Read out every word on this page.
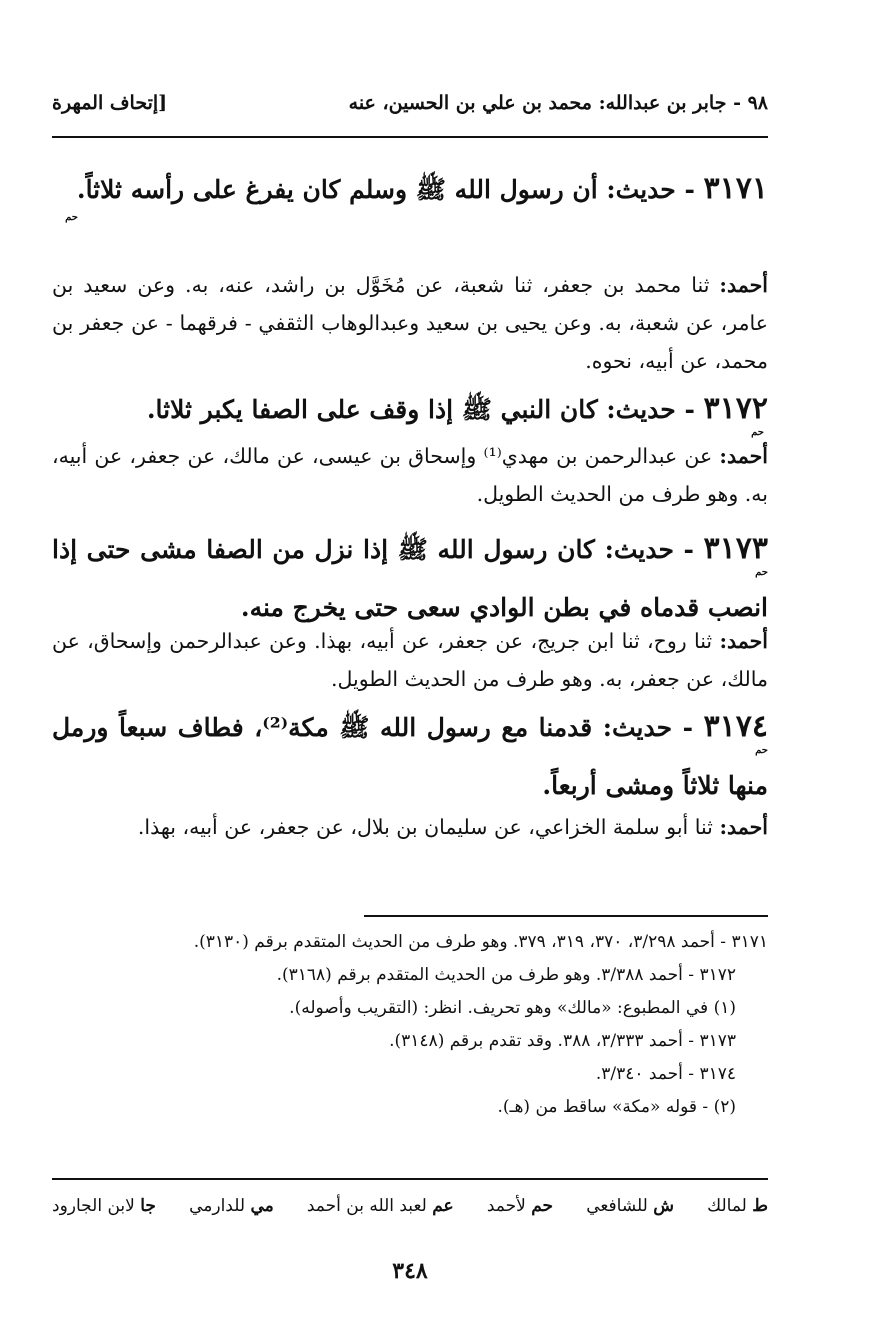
٩٨ - جابر بن عبدالله: محمد بن علي بن الحسين، عنه
[إتحاف المهرة
٣١٧١ - حديث: أن رسول الله ﷺ وسلم كان يفرغ على رأسه ثلاثاً.
حم
أحمد: ثنا محمد بن جعفر، ثنا شعبة، عن مُخَوَّل بن راشد، عنه، به. وعن سعيد بن عامر، عن شعبة، به. وعن يحيى بن سعيد وعبدالوهاب الثقفي - فرقهما - عن جعفر بن محمد، عن أبيه، نحوه.
٣١٧٢ - حديث: كان النبي ﷺ إذا وقف على الصفا يكبر ثلاثا.
حم
أحمد: عن عبدالرحمن بن مهدي⁽¹⁾ وإسحاق بن عيسى، عن مالك، عن جعفر، عن أبيه، به. وهو طرف من الحديث الطويل.
٣١٧٣ - حديث: كان رسول الله ﷺ إذا نزل من الصفا مشى حتى إذا انصب قدماه في بطن الوادي سعى حتى يخرج منه.
حم
أحمد: ثنا روح، ثنا ابن جريج، عن جعفر، عن أبيه، بهذا. وعن عبدالرحمن وإسحاق، عن مالك، عن جعفر، به. وهو طرف من الحديث الطويل.
٣١٧٤ - حديث: قدمنا مع رسول الله ﷺ مكة⁽²⁾، فطاف سبعاً ورمل منها ثلاثاً ومشى أربعاً.
حم
أحمد: ثنا أبو سلمة الخزاعي، عن سليمان بن بلال، عن جعفر، عن أبيه، بهذا.
٣١٧١ - أحمد ٣/٢٩٨، ٣٧٠، ٣١٩، ٣٧٩. وهو طرف من الحديث المتقدم برقم (٣١٣٠).
٣١٧٢ - أحمد ٣/٣٨٨. وهو طرف من الحديث المتقدم برقم (٣١٦٨).
(١) في المطبوع: «مالك» وهو تحريف. انظر: (التقريب وأصوله).
٣١٧٣ - أحمد ٣/٣٣٣، ٣٨٨. وقد تقدم برقم (٣١٤٨).
٣١٧٤ - أحمد ٣/٣٤٠.
(٢) - قوله «مكة» ساقط من (هـ).
ط لمالك
ش للشافعي
حم لأحمد
عم لعبد الله بن أحمد
مي للدارمي
جا لابن الجارود
٣٤٨
